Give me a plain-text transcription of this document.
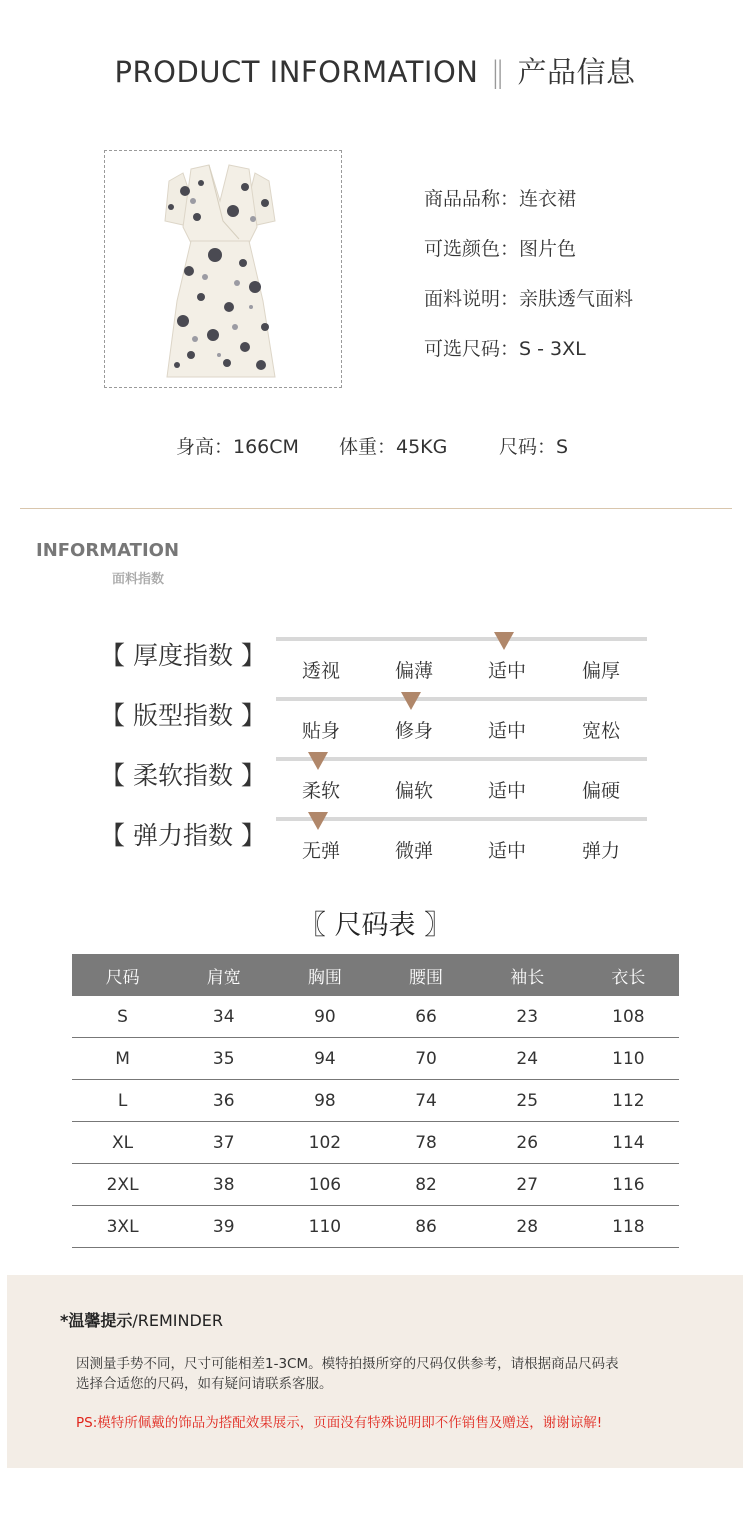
PRODUCT INFORMATION ‖ 产品信息
商品品称：连衣裙
可选颜色：图片色
面料说明：亲肤透气面料
可选尺码：S - 3XL
身高：166CM 体重：45KG	尺码：S
INFORMATION
面料指数
【 厚度指数 】
透视	偏薄	适中	偏厚
【 版型指数 】
贴身	修身	适中	宽松
【 柔软指数 】
柔软	偏软	适中	偏硬
【 弹力指数 】
无弹	微弹	适中	弹力
〖 尺码表 〗
尺码	肩宽	胸围	腰围	袖长	衣长
S	34	90	66	23	108
M	35	94	70	24	110
L	36	98	74	25	112
XL	37	102	78	26	114
2XL	38	106	82	27	116
3XL	39	110	86	28	118
*温馨提示/REMINDER
因测量手势不同，尺寸可能相差1-3CM。模特拍摄所穿的尺码仅供参考，请根据商品尺码表
选择合适您的尺码，如有疑问请联系客服。
PS:模特所佩戴的饰品为搭配效果展示，页面没有特殊说明即不作销售及赠送，谢谢谅解!
